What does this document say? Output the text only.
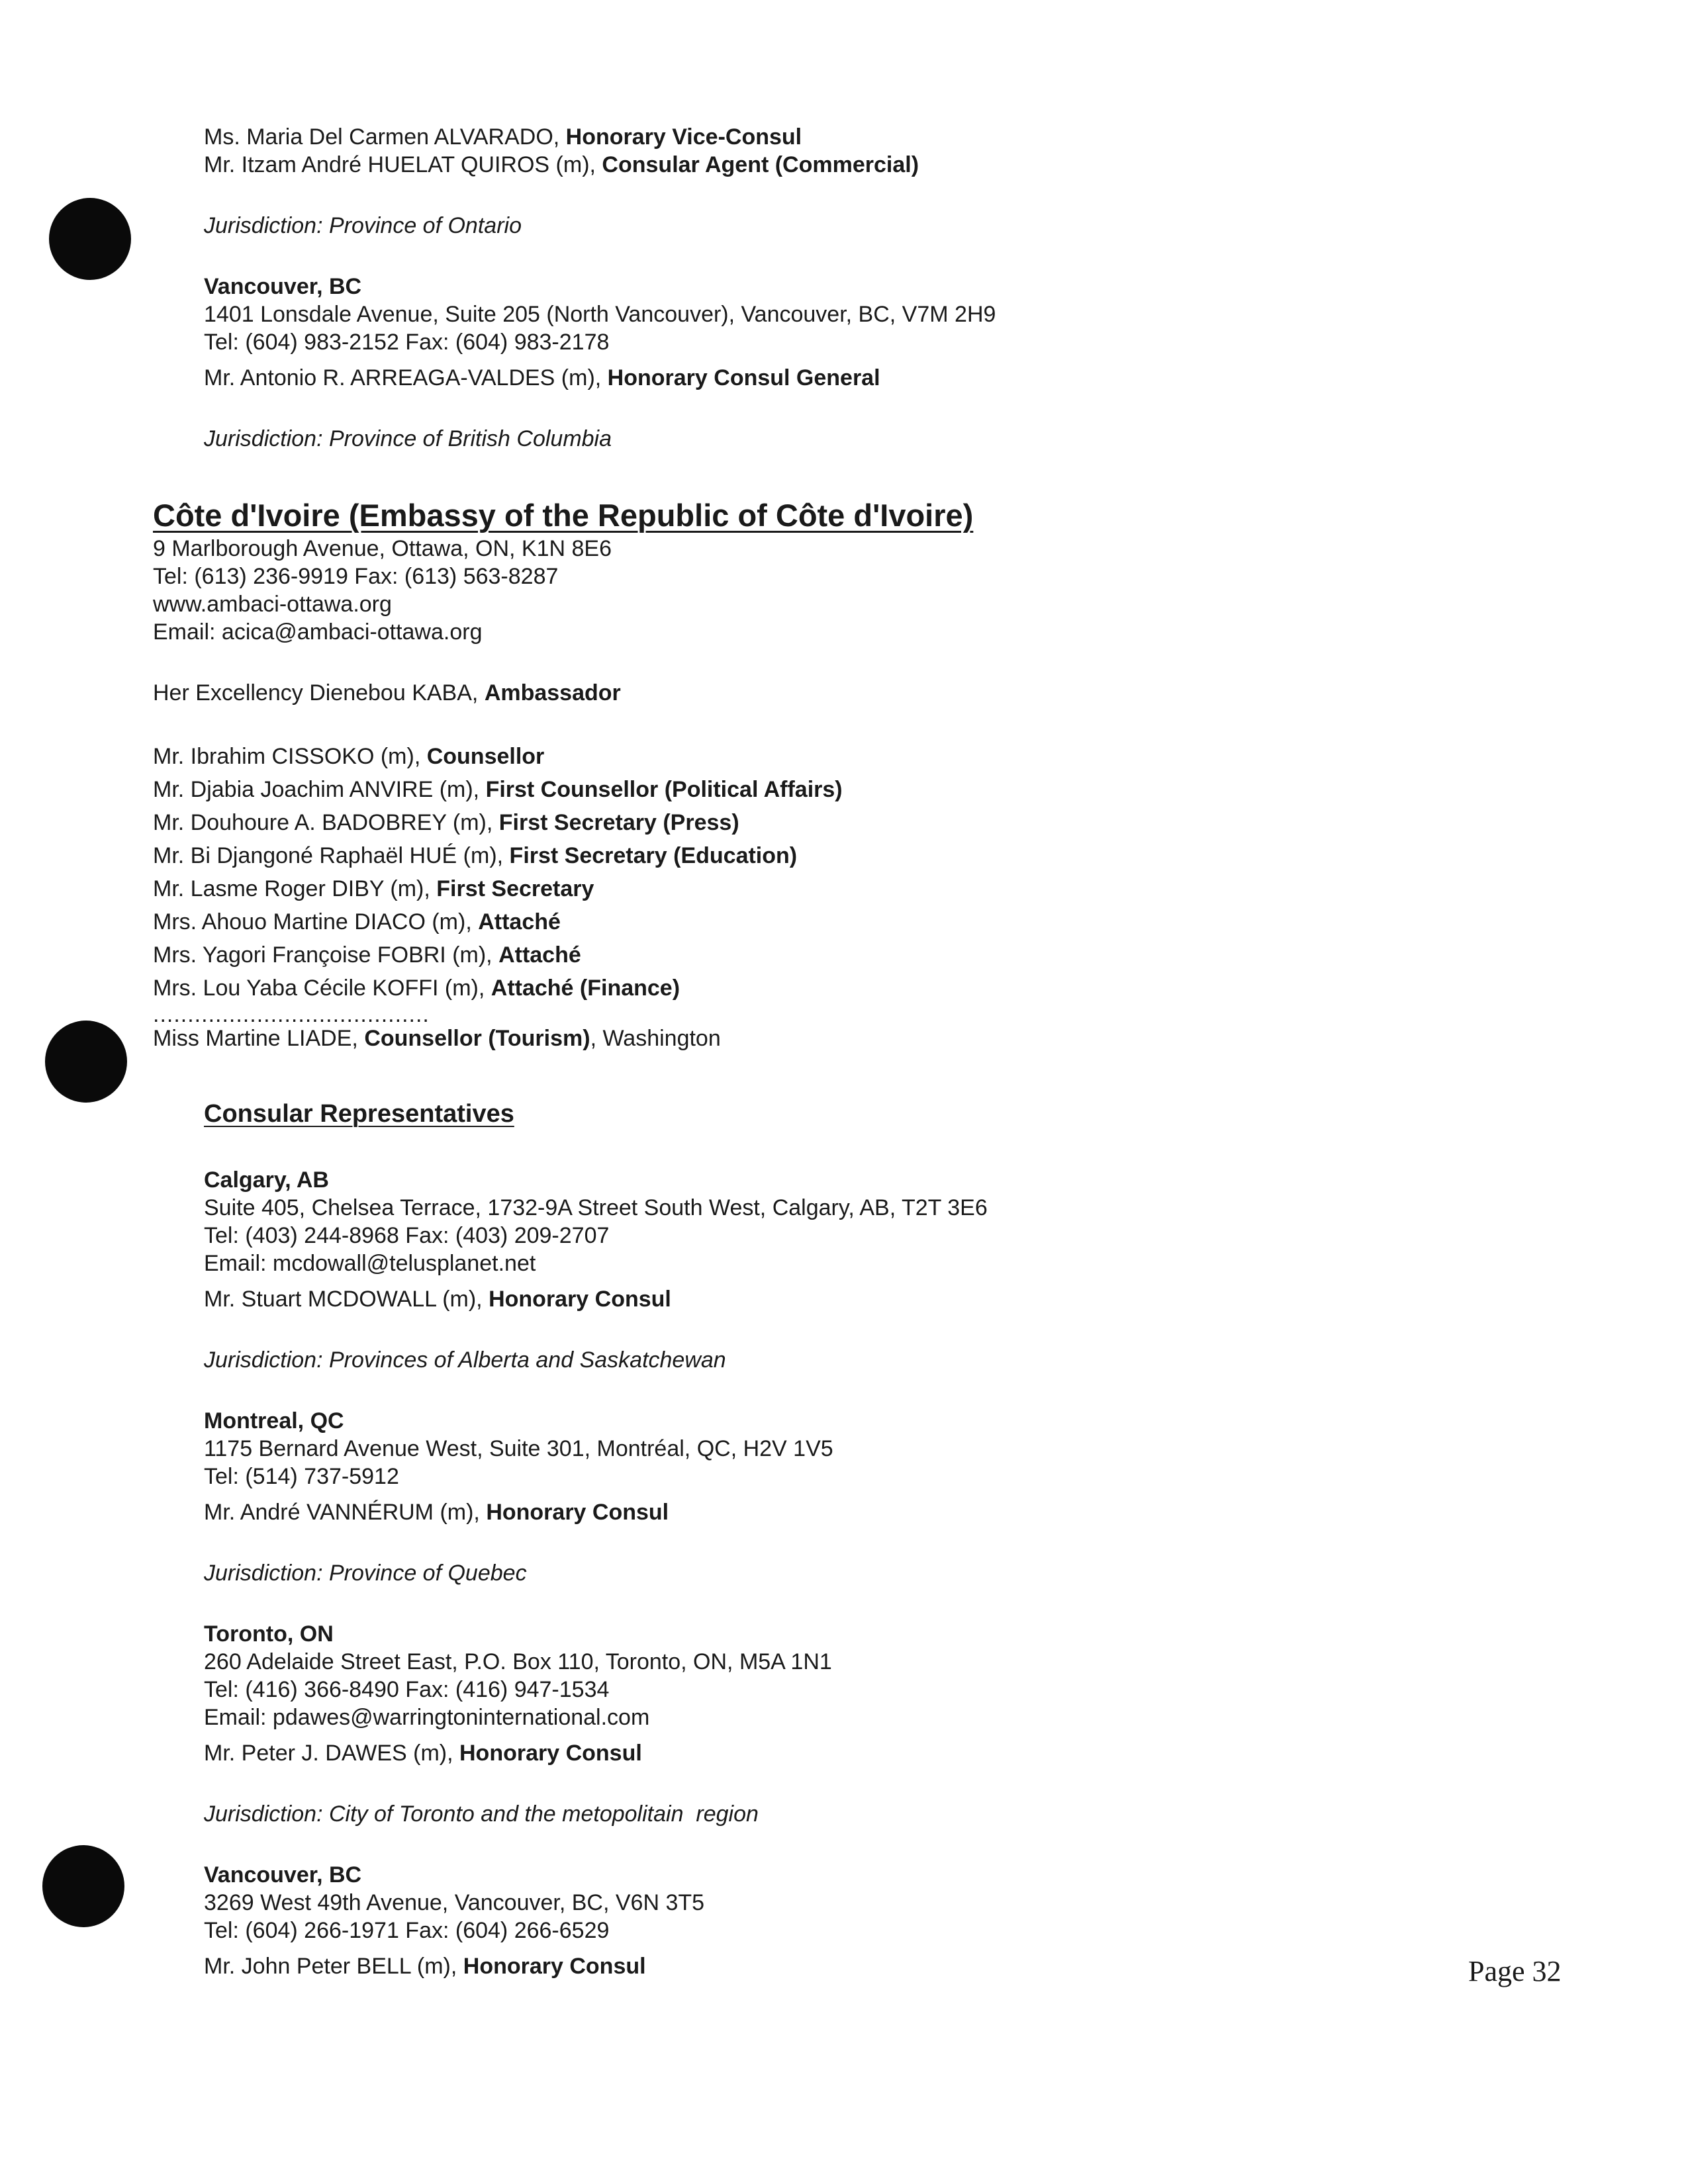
Ms. Maria Del Carmen ALVARADO, Honorary Vice-Consul
Mr. Itzam André HUELAT QUIROS (m), Consular Agent (Commercial)
Jurisdiction: Province of Ontario
Vancouver, BC
1401 Lonsdale Avenue, Suite 205 (North Vancouver), Vancouver, BC, V7M 2H9
Tel: (604) 983-2152 Fax: (604) 983-2178
Mr. Antonio R. ARREAGA-VALDES (m), Honorary Consul General
Jurisdiction: Province of British Columbia
Côte d'Ivoire (Embassy of the Republic of Côte d'Ivoire)
9 Marlborough Avenue, Ottawa, ON, K1N 8E6
Tel: (613) 236-9919 Fax: (613) 563-8287
www.ambaci-ottawa.org
Email: acica@ambaci-ottawa.org
Her Excellency Dienebou KABA, Ambassador
Mr. Ibrahim CISSOKO (m), Counsellor
Mr. Djabia Joachim ANVIRE (m), First Counsellor (Political Affairs)
Mr. Douhoure A. BADOBREY (m), First Secretary (Press)
Mr. Bi Djangoné Raphaël HUÉ (m), First Secretary (Education)
Mr. Lasme Roger DIBY (m), First Secretary
Mrs. Ahouo Martine DIACO (m), Attaché
Mrs. Yagori Françoise FOBRI (m), Attaché
Mrs. Lou Yaba Cécile KOFFI (m), Attaché (Finance)
........................................
Miss Martine LIADE, Counsellor (Tourism), Washington
Consular Representatives
Calgary, AB
Suite 405, Chelsea Terrace, 1732-9A Street South West, Calgary, AB, T2T 3E6
Tel: (403) 244-8968 Fax: (403) 209-2707
Email: mcdowall@telusplanet.net
Mr. Stuart MCDOWALL (m), Honorary Consul
Jurisdiction: Provinces of Alberta and Saskatchewan
Montreal, QC
1175 Bernard Avenue West, Suite 301, Montréal, QC, H2V 1V5
Tel: (514) 737-5912
Mr. André VANNÉRUM (m), Honorary Consul
Jurisdiction: Province of Quebec
Toronto, ON
260 Adelaide Street East, P.O. Box 110, Toronto, ON, M5A 1N1
Tel: (416) 366-8490 Fax: (416) 947-1534
Email: pdawes@warringtoninternational.com
Mr. Peter J. DAWES (m), Honorary Consul
Jurisdiction: City of Toronto and the metopolitain  region
Vancouver, BC
3269 West 49th Avenue, Vancouver, BC, V6N 3T5
Tel: (604) 266-1971 Fax: (604) 266-6529
Mr. John Peter BELL (m), Honorary Consul	Page 32
